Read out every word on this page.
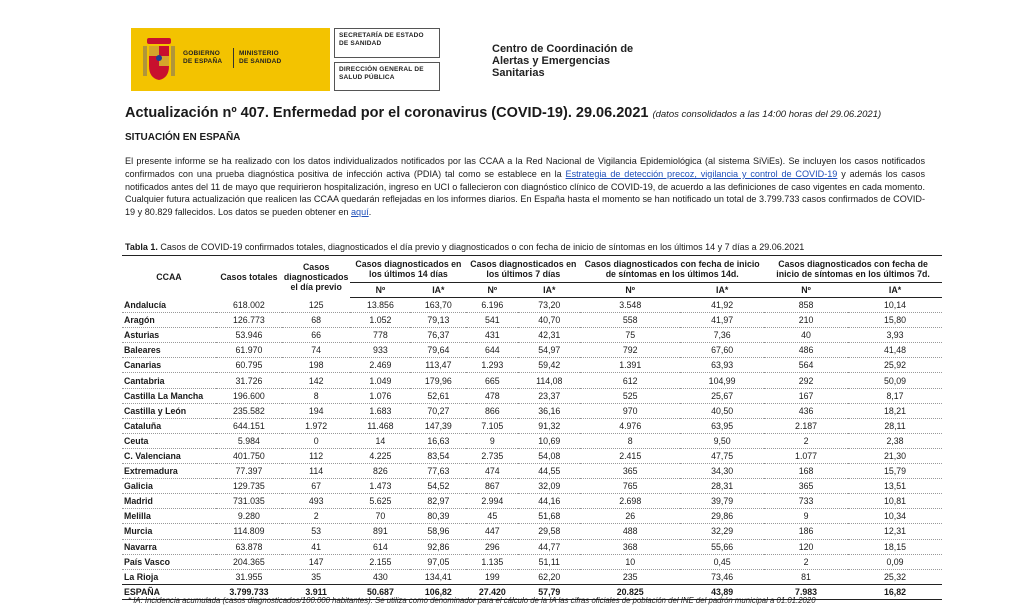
GOBIERNO
DE ESPAÑA
MINISTERIO
DE SANIDAD
SECRETARÍA DE ESTADO
DE SANIDAD
DIRECCIÓN GENERAL DE
SALUD PÚBLICA
Centro de Coordinación de
Alertas y Emergencias
Sanitarias
Actualización nº 407. Enfermedad por el coronavirus (COVID-19). 29.06.2021 (datos consolidados a las 14:00 horas del 29.06.2021)
SITUACIÓN EN ESPAÑA
El presente informe se ha realizado con los datos individualizados notificados por las CCAA a la Red Nacional de Vigilancia Epidemiológica (al sistema SiViEs). Se incluyen los casos notificados confirmados con una prueba diagnóstica positiva de infección activa (PDIA) tal como se establece en la Estrategia de detección precoz, vigilancia y control de COVID-19 y además los casos notificados antes del 11 de mayo que requirieron hospitalización, ingreso en UCI o fallecieron con diagnóstico clínico de COVID-19, de acuerdo a las definiciones de caso vigentes en cada momento. Cualquier futura actualización que realicen las CCAA quedarán reflejadas en los informes diarios. En España hasta el momento se han notificado un total de 3.799.733 casos confirmados de COVID-19 y 80.829 fallecidos. Los datos se pueden obtener en aquí.
Tabla 1. Casos de COVID-19 confirmados totales, diagnosticados el día previo y diagnosticados o con fecha de inicio de síntomas en los últimos 14 y 7 días a 29.06.2021
CCAA	Casos totales	Casos diagnosticados el día previo	Casos diagnosticados en los últimos 14 días		Casos diagnosticados en los últimos 7 días		Casos diagnosticados con fecha de inicio de síntomas en los últimos 14d.		Casos diagnosticados con fecha de inicio de síntomas en los últimos 7d.	
			Nº	IA*	Nº	IA*	Nº	IA*	Nº	IA*
Andalucía	618.002	125	13.856	163,70	6.196	73,20	3.548	41,92	858	10,14
Aragón	126.773	68	1.052	79,13	541	40,70	558	41,97	210	15,80
Asturias	53.946	66	778	76,37	431	42,31	75	7,36	40	3,93
Baleares	61.970	74	933	79,64	644	54,97	792	67,60	486	41,48
Canarias	60.795	198	2.469	113,47	1.293	59,42	1.391	63,93	564	25,92
Cantabria	31.726	142	1.049	179,96	665	114,08	612	104,99	292	50,09
Castilla La Mancha	196.600	8	1.076	52,61	478	23,37	525	25,67	167	8,17
Castilla y León	235.582	194	1.683	70,27	866	36,16	970	40,50	436	18,21
Cataluña	644.151	1.972	11.468	147,39	7.105	91,32	4.976	63,95	2.187	28,11
Ceuta	5.984	0	14	16,63	9	10,69	8	9,50	2	2,38
C. Valenciana	401.750	112	4.225	83,54	2.735	54,08	2.415	47,75	1.077	21,30
Extremadura	77.397	114	826	77,63	474	44,55	365	34,30	168	15,79
Galicia	129.735	67	1.473	54,52	867	32,09	765	28,31	365	13,51
Madrid	731.035	493	5.625	82,97	2.994	44,16	2.698	39,79	733	10,81
Melilla	9.280	2	70	80,39	45	51,68	26	29,86	9	10,34
Murcia	114.809	53	891	58,96	447	29,58	488	32,29	186	12,31
Navarra	63.878	41	614	92,86	296	44,77	368	55,66	120	18,15
País Vasco	204.365	147	2.155	97,05	1.135	51,11	10	0,45	2	0,09
La Rioja	31.955	35	430	134,41	199	62,20	235	73,46	81	25,32
ESPAÑA	3.799.733	3.911	50.687	106,82	27.420	57,79	20.825	43,89	7.983	16,82
* IA: Incidencia acumulada (casos diagnosticados/100.000 habitantes). Se utiliza como denominador para el cálculo de la IA las cifras oficiales de población del INE del padrón municipal a 01.01.2020
